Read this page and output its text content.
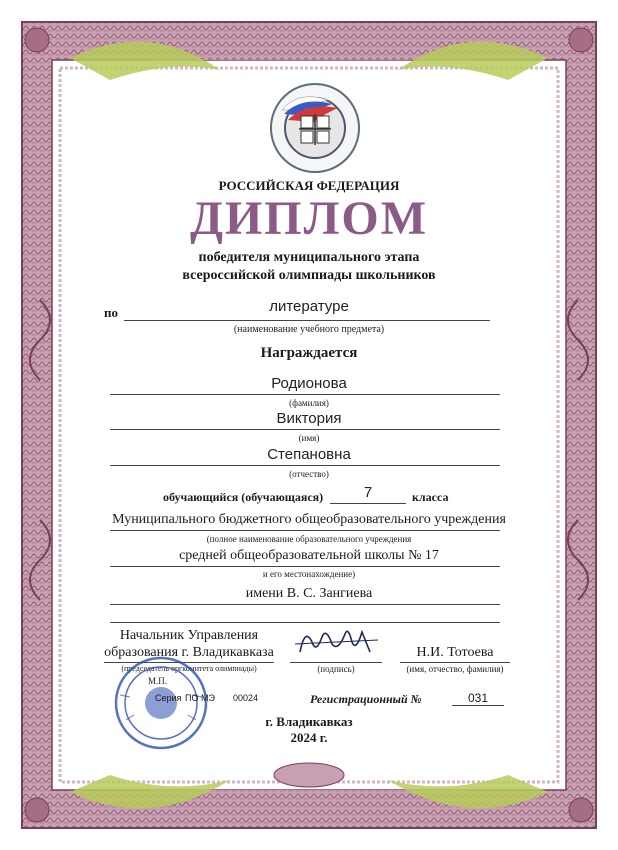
РОССИЙСКАЯ ФЕДЕРАЦИЯ
ДИПЛОМ
победителя муниципального этапа
всероссийской олимпиады школьников
по	литературе
(наименование учебного предмета)
Награждается
Родионова
(фамилия)
Виктория
(имя)
Степановна
(отчество)
обучающийся (обучающаяся)	7	класса
Муниципального бюджетного общеобразовательного учреждения
(полное наименование образовательного учреждения
средней общеобразовательной школы № 17
и его местонахождение)
имени В. С. Зангиева
Начальник Управления
образования г. Владикавказа
(председатель оргкомитета олимпиады)	(подпись)
Н.И. Тотоева
(имя, отчество, фамилия)
М.П.
Серия ПО МЭ 00024	Регистрационный №	031
г. Владикавказ
2024 г.
